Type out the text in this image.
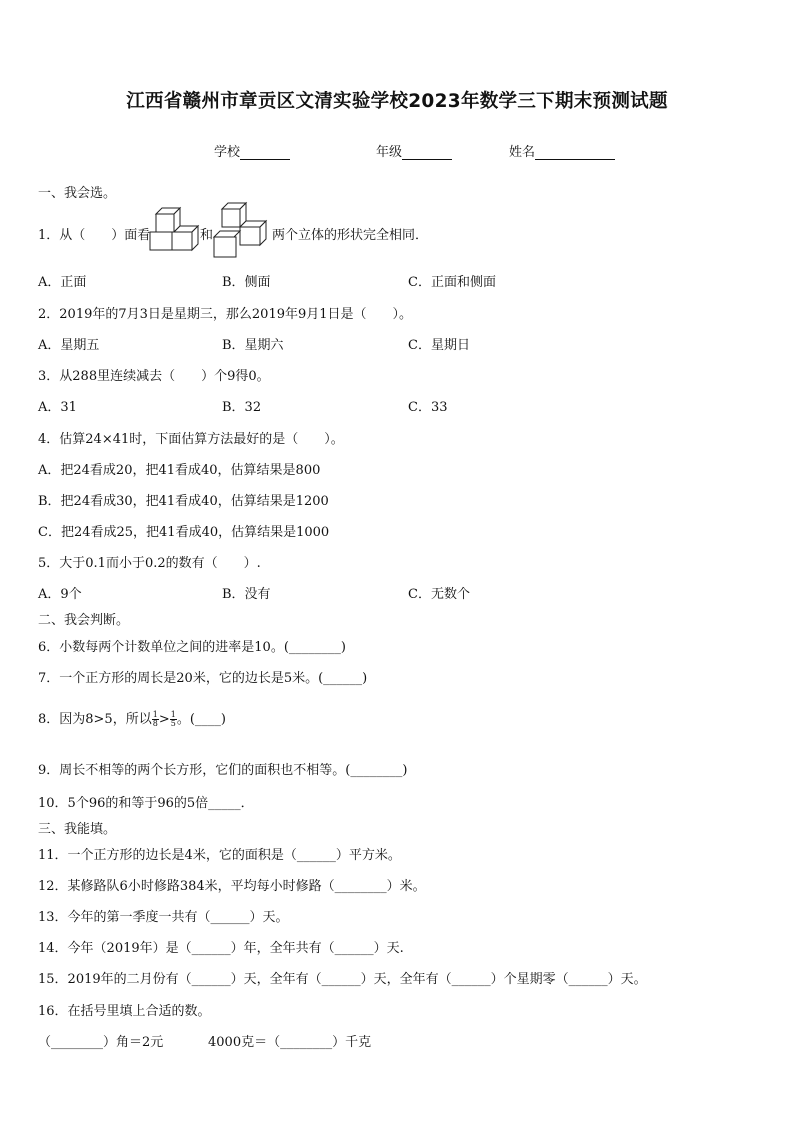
江西省赣州市章贡区文清实验学校2023年数学三下期末预测试题
学校	年级	姓名
一、我会选。
1．从（　　）面看	和	两个立体的形状完全相同．
A．正面	B．侧面	C．正面和侧面
2．2019年的7月3日是星期三，那么2019年9月1日是（　　）。
A．星期五	B．星期六	C．星期日
3．从288里连续减去（　　）个9得0。
A．31	B．32	C．33
4．估算24×41时，下面估算方法最好的是（　　）。
A．把24看成20，把41看成40，估算结果是800
B．把24看成30，把41看成40，估算结果是1200
C．把24看成25，把41看成40，估算结果是1000
5．大于0.1而小于0.2的数有（　　）.
A．9个	B．没有	C．无数个
二、我会判断。
6．小数每两个计数单位之间的进率是10。(________)
7．一个正方形的周长是20米，它的边长是5米。(______)
8．因为8>5，所以 $\frac{1}{8} > \frac{1}{5}$ 。(____)
9．周长不相等的两个长方形，它们的面积也不相等。(________)
10．5个96的和等于96的5倍_____．
三、我能填。
11．一个正方形的边长是4米，它的面积是（______）平方米。
12．某修路队6小时修路384米，平均每小时修路（________）米。
13．今年的第一季度一共有（______）天。
14．今年（2019年）是（______）年，全年共有（______）天.
15．2019年的二月份有（______）天，全年有（______）天，全年有（______）个星期零（______）天。
16．在括号里填上合适的数。
（________）角＝2元	4000克＝（________）千克
